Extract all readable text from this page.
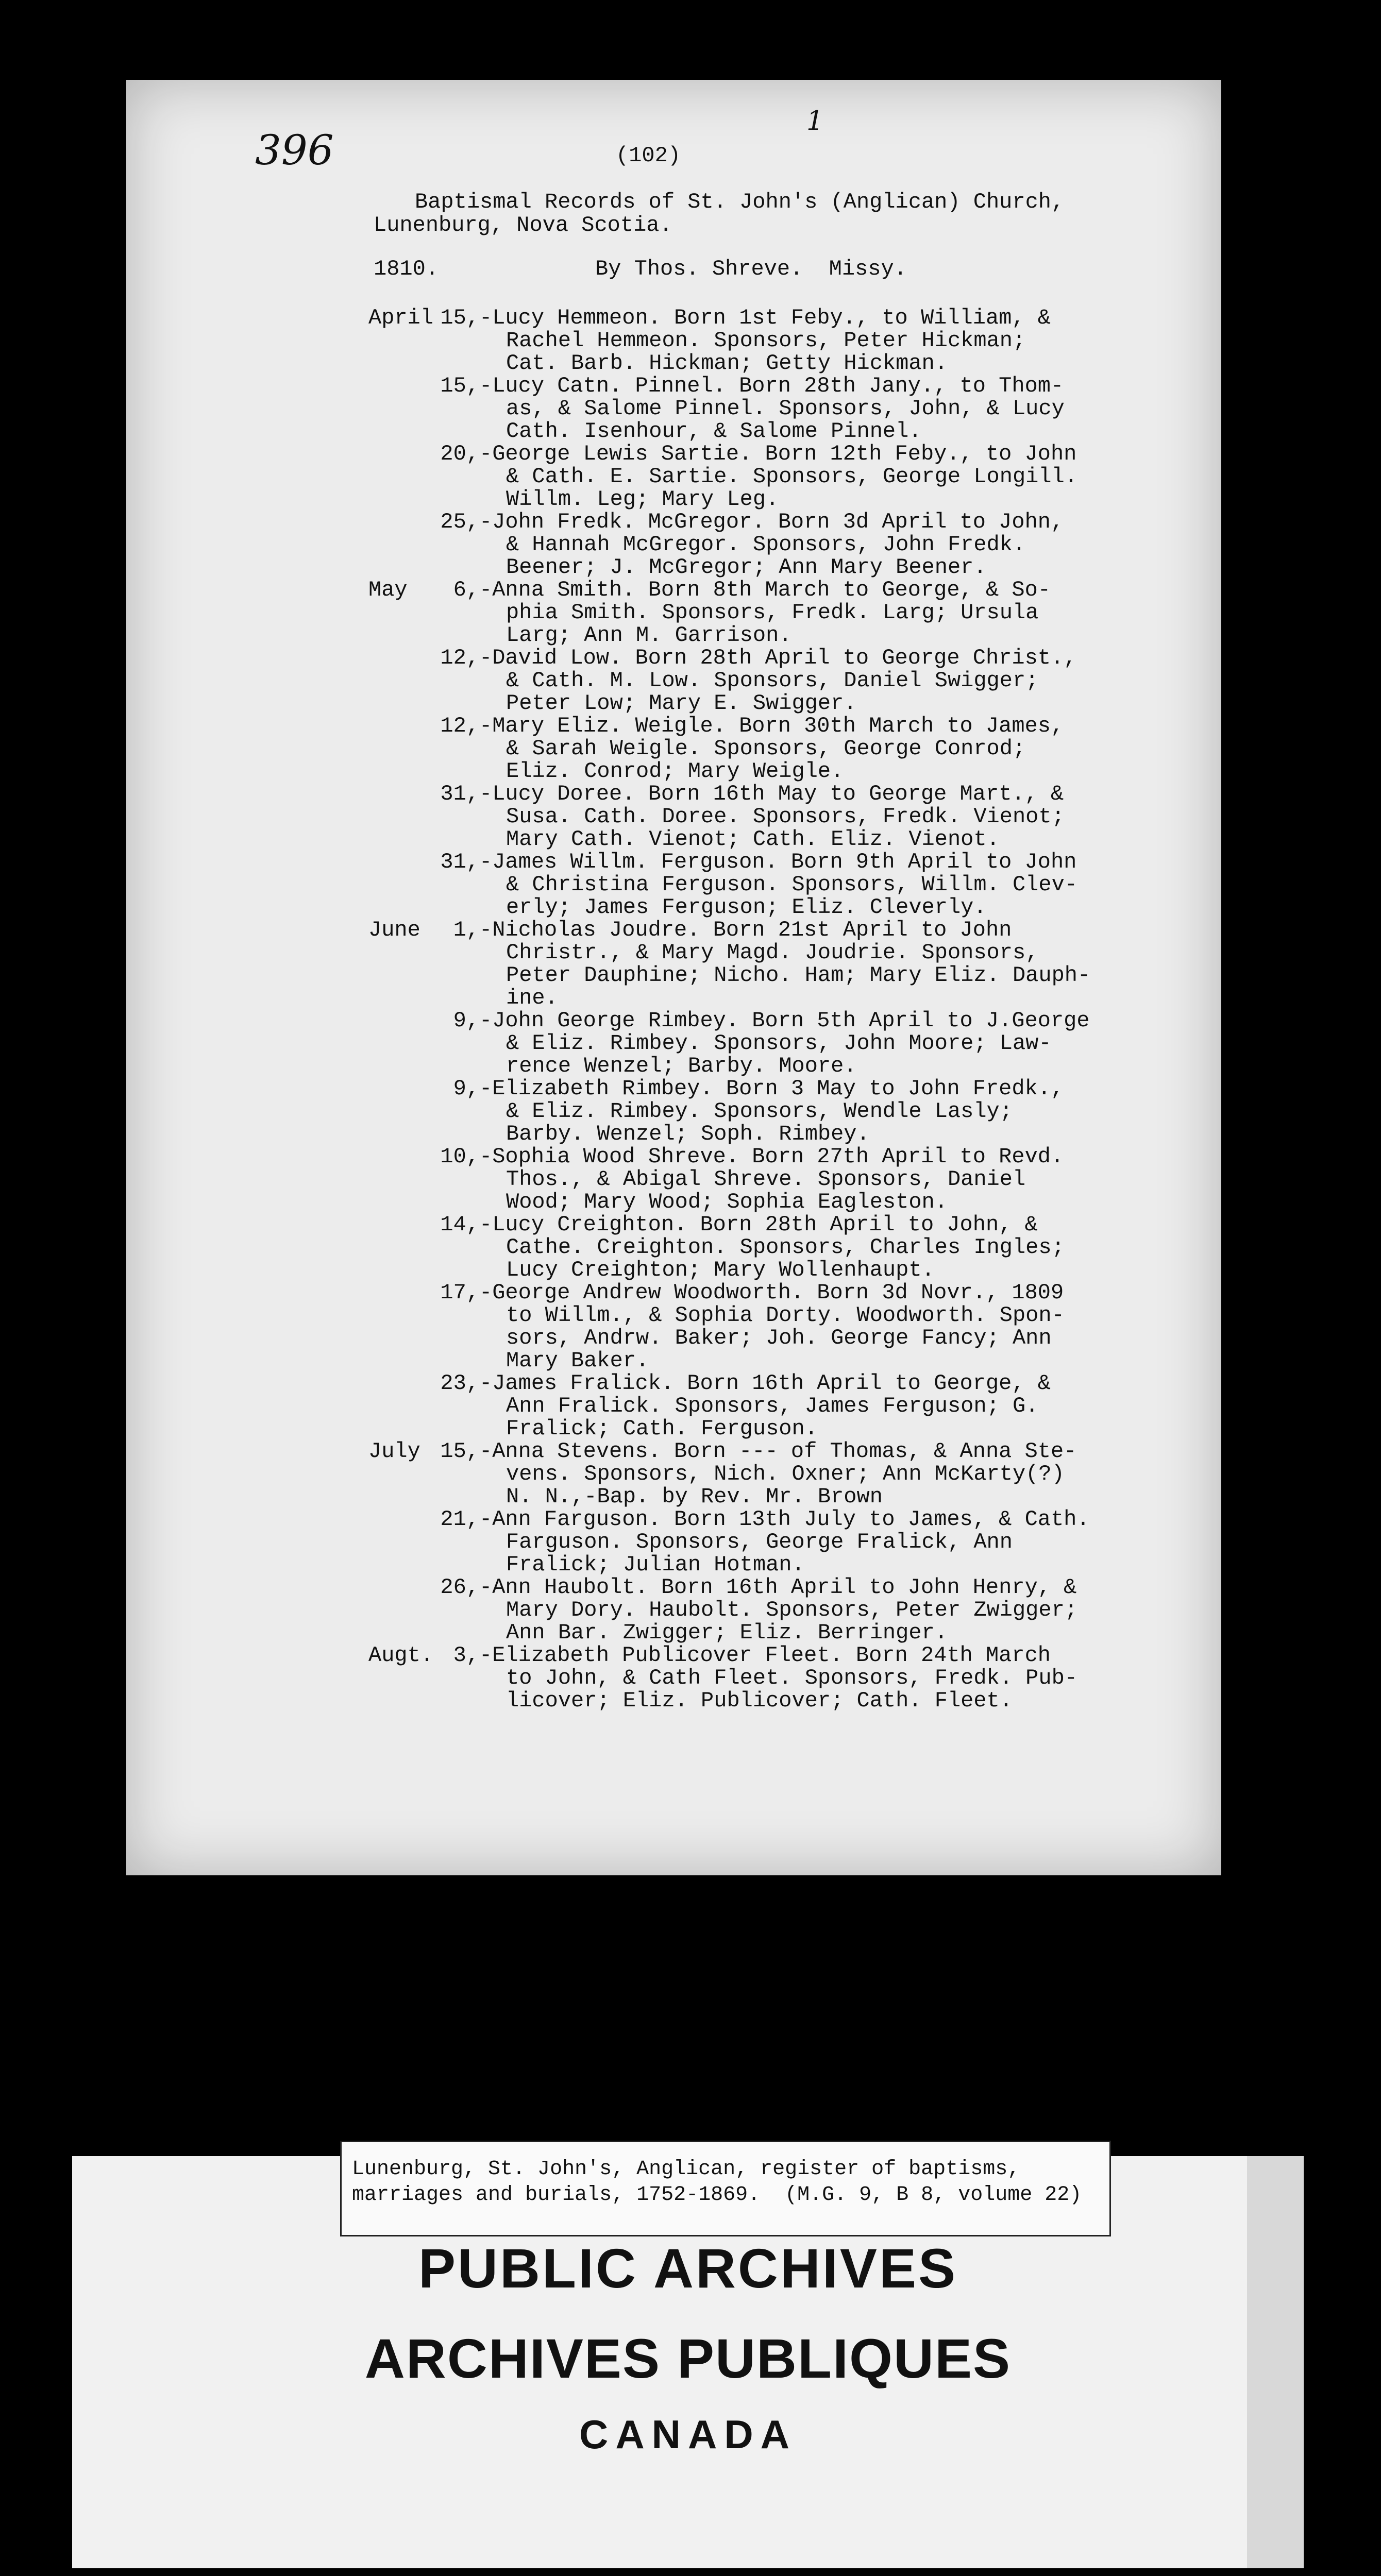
396
1
(102)
Baptismal Records of St. John's (Anglican) Church,
Lunenburg, Nova Scotia.
1810.	By Thos. Shreve.  Missy.
April 15, -Lucy Hemmeon. Born 1st Feby., to William, &
Rachel Hemmeon. Sponsors, Peter Hickman;
Cat. Barb. Hickman; Getty Hickman.
15, -Lucy Catn. Pinnel. Born 28th Jany., to Thom-
as, & Salome Pinnel. Sponsors, John, & Lucy
Cath. Isenhour, & Salome Pinnel.
20, -George Lewis Sartie. Born 12th Feby., to John
& Cath. E. Sartie. Sponsors, George Longill.
Willm. Leg; Mary Leg.
25, -John Fredk. McGregor. Born 3d April to John,
& Hannah McGregor. Sponsors, John Fredk.
Beener; J. McGregor; Ann Mary Beener.
May	6, -Anna Smith. Born 8th March to George, & So-
phia Smith. Sponsors, Fredk. Larg; Ursula
Larg; Ann M. Garrison.
12, -David Low. Born 28th April to George Christ.,
& Cath. M. Low. Sponsors, Daniel Swigger;
Peter Low; Mary E. Swigger.
12, -Mary Eliz. Weigle. Born 30th March to James,
& Sarah Weigle. Sponsors, George Conrod;
Eliz. Conrod; Mary Weigle.
31, -Lucy Doree. Born 16th May to George Mart., &
Susa. Cath. Doree. Sponsors, Fredk. Vienot;
Mary Cath. Vienot; Cath. Eliz. Vienot.
31, -James Willm. Ferguson. Born 9th April to John
& Christina Ferguson. Sponsors, Willm. Clev-
erly; James Ferguson; Eliz. Cleverly.
June	1, -Nicholas Joudre. Born 21st April to John
Christr., & Mary Magd. Joudrie. Sponsors,
Peter Dauphine; Nicho. Ham; Mary Eliz. Dauph-
ine.
9, -John George Rimbey. Born 5th April to J.George
& Eliz. Rimbey. Sponsors, John Moore; Law-
rence Wenzel; Barby. Moore.
9, -Elizabeth Rimbey. Born 3 May to John Fredk.,
& Eliz. Rimbey. Sponsors, Wendle Lasly;
Barby. Wenzel; Soph. Rimbey.
10, -Sophia Wood Shreve. Born 27th April to Revd.
Thos., & Abigal Shreve. Sponsors, Daniel
Wood; Mary Wood; Sophia Eagleston.
14, -Lucy Creighton. Born 28th April to John, &
Cathe. Creighton. Sponsors, Charles Ingles;
Lucy Creighton; Mary Wollenhaupt.
17, -George Andrew Woodworth. Born 3d Novr., 1809
to Willm., & Sophia Dorty. Woodworth. Spon-
sors, Andrw. Baker; Joh. George Fancy; Ann
Mary Baker.
23, -James Fralick. Born 16th April to George, &
Ann Fralick. Sponsors, James Ferguson; G.
Fralick; Cath. Ferguson.
July 15, -Anna Stevens. Born --- of Thomas, & Anna Ste-
vens. Sponsors, Nich. Oxner; Ann McKarty(?)
N. N.,-Bap. by Rev. Mr. Brown
21, -Ann Farguson. Born 13th July to James, & Cath.
Farguson. Sponsors, George Fralick, Ann
Fralick; Julian Hotman.
26, -Ann Haubolt. Born 16th April to John Henry, &
Mary Dory. Haubolt. Sponsors, Peter Zwigger;
Ann Bar. Zwigger; Eliz. Berringer.
Augt. 3, -Elizabeth Publicover Fleet. Born 24th March
to John, & Cath Fleet. Sponsors, Fredk. Pub-
licover; Eliz. Publicover; Cath. Fleet.
Lunenburg, St. John's, Anglican, register of baptisms,
marriages and burials, 1752-1869.  (M.G. 9, B 8, volume 22)
PUBLIC ARCHIVES
ARCHIVES PUBLIQUES
CANADA
